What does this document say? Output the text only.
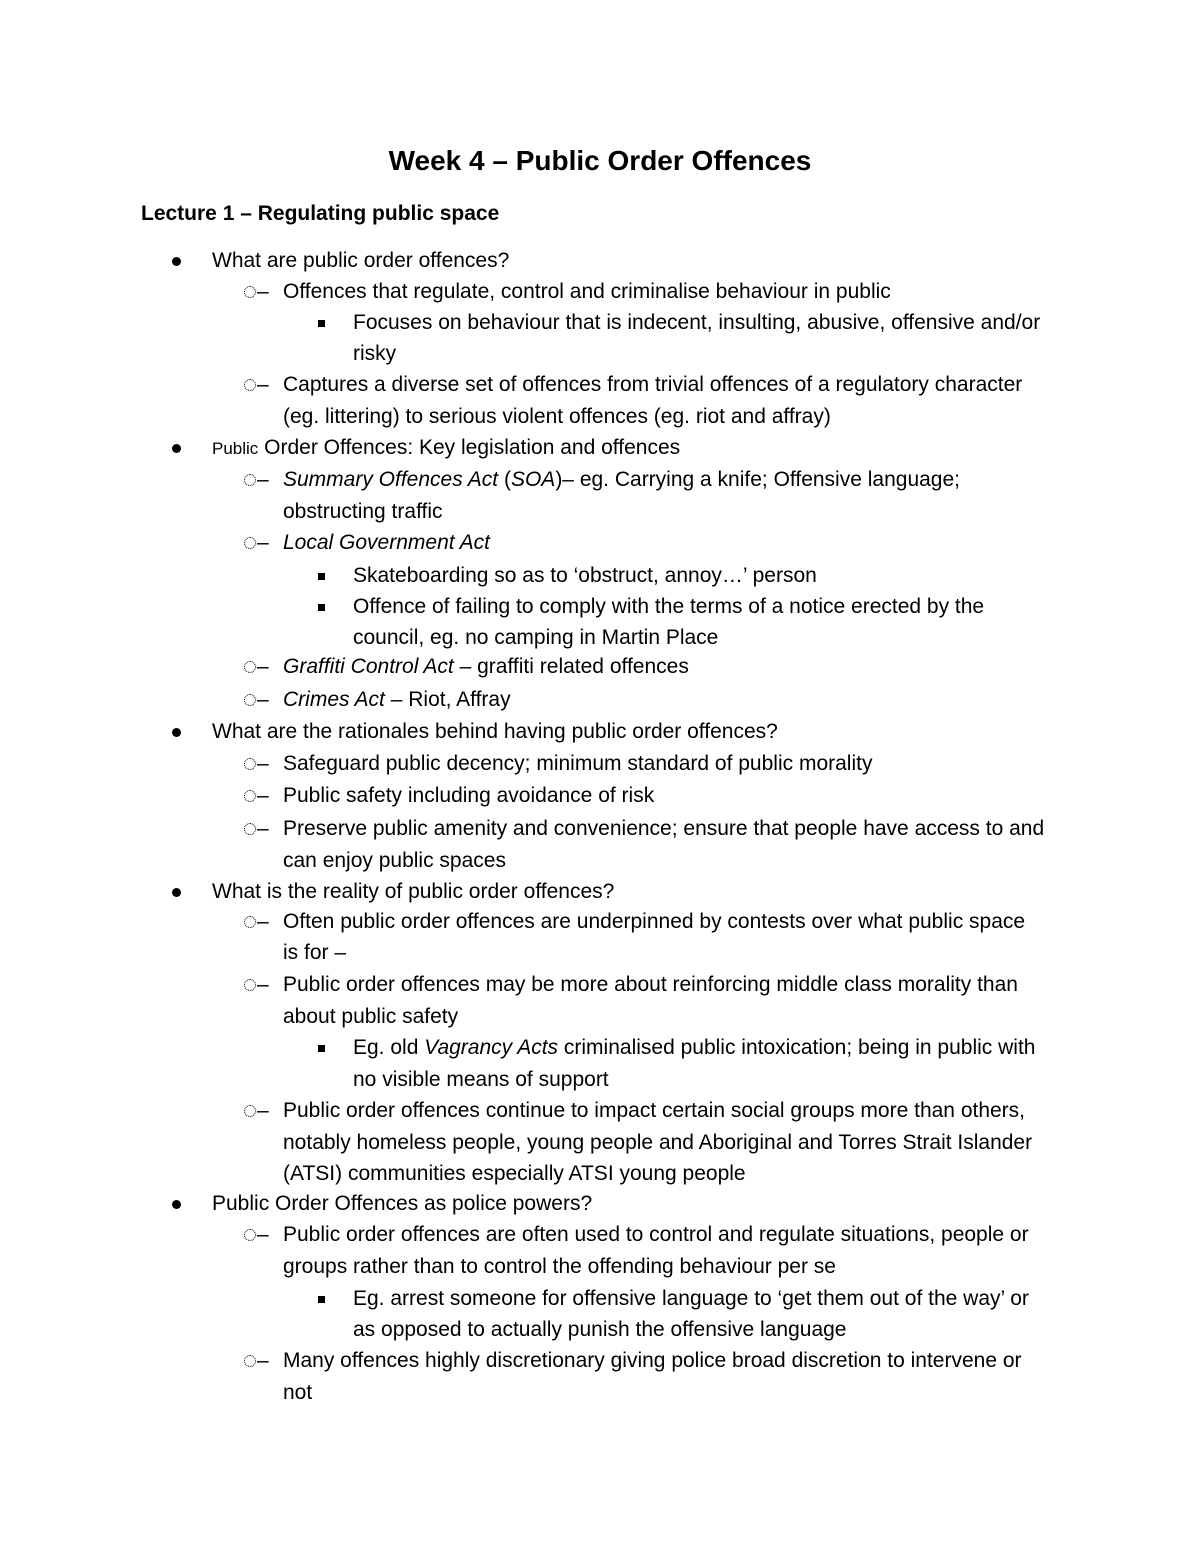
Week 4 – Public Order Offences
Lecture 1 – Regulating public space
What are public order offences?
– Offences that regulate, control and criminalise behaviour in public
Focuses on behaviour that is indecent, insulting, abusive, offensive and/or
risky
– Captures a diverse set of offences from trivial offences of a regulatory character
(eg. littering) to serious violent offences (eg. riot and affray)
Public Order Offences: Key legislation and offences
– Summary Offences Act (SOA)– eg. Carrying a knife; Offensive language;
obstructing traffic
– Local Government Act
Skateboarding so as to ‘obstruct, annoy…’ person
Offence of failing to comply with the terms of a notice erected by the
council, eg. no camping in Martin Place
– Graffiti Control Act – graffiti related offences
– Crimes Act – Riot, Affray
What are the rationales behind having public order offences?
– Safeguard public decency; minimum standard of public morality
– Public safety including avoidance of risk
– Preserve public amenity and convenience; ensure that people have access to and
can enjoy public spaces
What is the reality of public order offences?
– Often public order offences are underpinned by contests over what public space
is for –
– Public order offences may be more about reinforcing middle class morality than
about public safety
Eg. old Vagrancy Acts criminalised public intoxication; being in public with
no visible means of support
– Public order offences continue to impact certain social groups more than others,
notably homeless people, young people and Aboriginal and Torres Strait Islander
(ATSI) communities especially ATSI young people
Public Order Offences as police powers?
– Public order offences are often used to control and regulate situations, people or
groups rather than to control the offending behaviour per se
Eg. arrest someone for offensive language to ‘get them out of the way’ or
as opposed to actually punish the offensive language
– Many offences highly discretionary giving police broad discretion to intervene or
not
